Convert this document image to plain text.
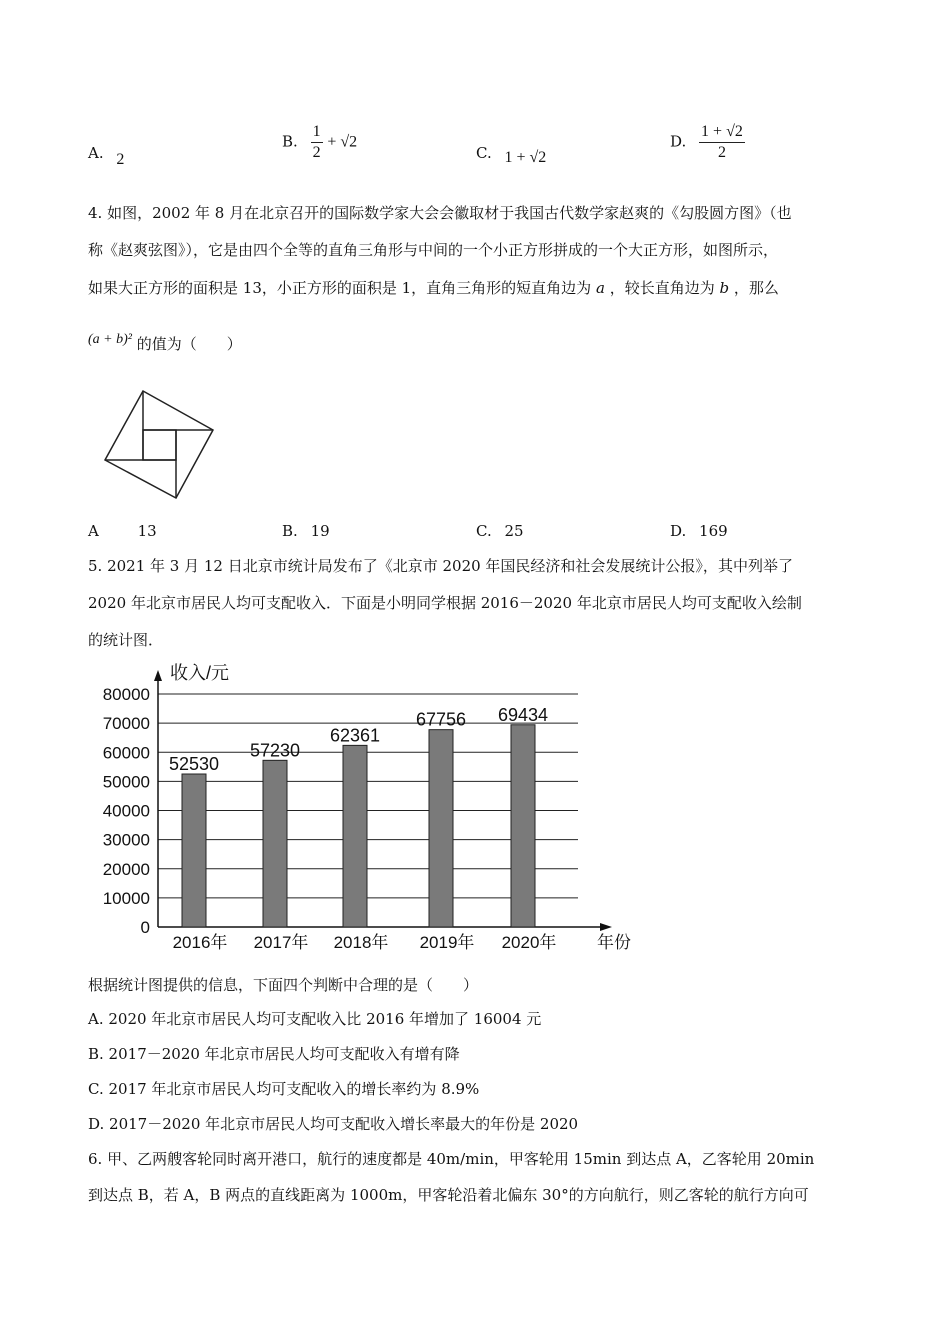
A. 2
B. $\frac{1}{2} + √2$
C. 1 + √2
D. $\frac{1 + √2}{2}$
4. 如图，2002 年 8 月在北京召开的国际数学家大会会徽取材于我国古代数学家赵爽的《勾股圆方图》（也
称《赵爽弦图》），它是由四个全等的直角三角形与中间的一个小正方形拼成的一个大正方形，如图所示，
如果大正方形的面积是 13，小正方形的面积是 1，直角三角形的短直角边为 a ，较长直角边为 b ，那么
(a + b)² 的值为（　　）
A	13	B. 19	C. 25	D. 169
5. 2021 年 3 月 12 日北京市统计局发布了《北京市 2020 年国民经济和社会发展统计公报》，其中列举了
2020 年北京市居民人均可支配收入．下面是小明同学根据 2016－2020 年北京市居民人均可支配收入绘制
的统计图．
0
10000
20000
30000
40000
50000
60000
70000
80000
收入/元
年份
52530
2016年
57230
2017年
62361
2018年
67756
2019年
69434
2020年
根据统计图提供的信息，下面四个判断中合理的是（　　）
A. 2020 年北京市居民人均可支配收入比 2016 年增加了 16004 元
B. 2017－2020 年北京市居民人均可支配收入有增有降
C. 2017 年北京市居民人均可支配收入的增长率约为 8.9%
D. 2017－2020 年北京市居民人均可支配收入增长率最大的年份是 2020
6. 甲、乙两艘客轮同时离开港口，航行的速度都是 40m/min，甲客轮用 15min 到达点 A，乙客轮用 20min
到达点 B，若 A，B 两点的直线距离为 1000m，甲客轮沿着北偏东 30°的方向航行，则乙客轮的航行方向可
